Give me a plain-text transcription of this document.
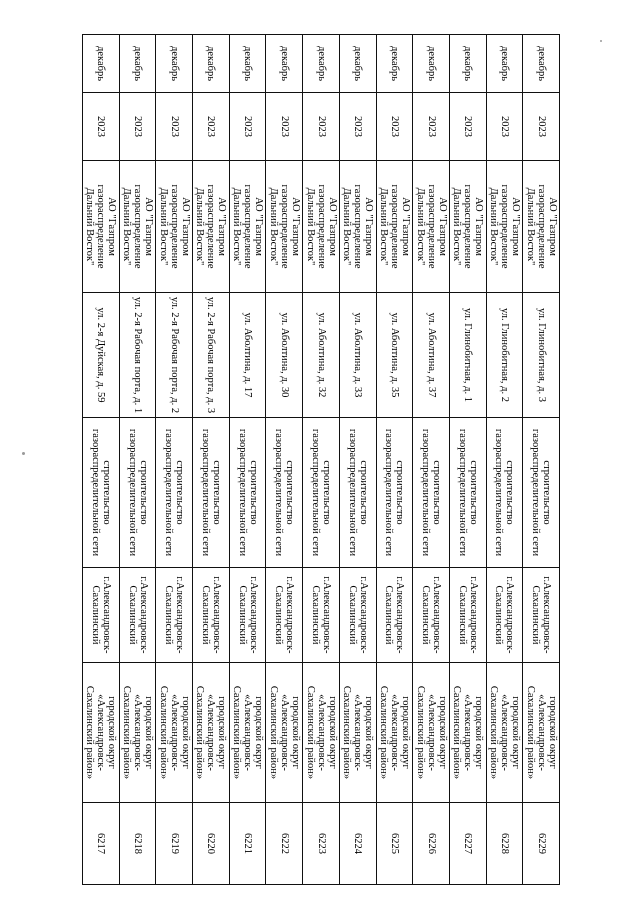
декабрь	2023	АО "Газпром газораспределение Дальний Восток"	ул. Глинобитная, д. 3	строительство газораспределительной сети	г.Александровск-Сахалинский	городской округ «Александровск-Сахалинский район»	6229
декабрь	2023	АО "Газпром газораспределение Дальний Восток"	ул. Глинобитная, д. 2	строительство газораспределительной сети	г.Александровск-Сахалинский	городской округ «Александровск-Сахалинский район»	6228
декабрь	2023	АО "Газпром газораспределение Дальний Восток"	ул. Глинобитная, д. 1	строительство газораспределительной сети	г.Александровск-Сахалинский	городской округ «Александровск-Сахалинский район»	6227
декабрь	2023	АО "Газпром газораспределение Дальний Восток"	ул. Аболтина, д. 37	строительство газораспределительной сети	г.Александровск-Сахалинский	городской округ «Александровск-Сахалинский район»	6226
декабрь	2023	АО "Газпром газораспределение Дальний Восток"	ул. Аболтина, д. 35	строительство газораспределительной сети	г.Александровск-Сахалинский	городской округ «Александровск-Сахалинский район»	6225
декабрь	2023	АО "Газпром газораспределение Дальний Восток"	ул. Аболтина, д. 33	строительство газораспределительной сети	г.Александровск-Сахалинский	городской округ «Александровск-Сахалинский район»	6224
декабрь	2023	АО "Газпром газораспределение Дальний Восток"	ул. Аболтина, д. 32	строительство газораспределительной сети	г.Александровск-Сахалинский	городской округ «Александровск-Сахалинский район»	6223
декабрь	2023	АО "Газпром газораспределение Дальний Восток"	ул. Аболтина, д. 30	строительство газораспределительной сети	г.Александровск-Сахалинский	городской округ «Александровск-Сахалинский район»	6222
декабрь	2023	АО "Газпром газораспределение Дальний Восток"	ул. Аболтина, д. 17	строительство газораспределительной сети	г.Александровск-Сахалинский	городской округ «Александровск-Сахалинский район»	6221
декабрь	2023	АО "Газпром газораспределение Дальний Восток"	ул. 2-я Рабочая порта, д. 3	строительство газораспределительной сети	г.Александровск-Сахалинский	городской округ «Александровск-Сахалинский район»	6220
декабрь	2023	АО "Газпром газораспределение Дальний Восток"	ул. 2-я Рабочая порта, д. 2	строительство газораспределительной сети	г.Александровск-Сахалинский	городской округ «Александровск-Сахалинский район»	6219
декабрь	2023	АО "Газпром газораспределение Дальний Восток"	ул. 2-я Рабочая порта, д. 1	строительство газораспределительной сети	г.Александровск-Сахалинский	городской округ «Александровск-Сахалинский район»	6218
декабрь	2023	АО "Газпром газораспределение Дальний Восток"	ул. 2-я Дуйская, д. 59	строительство газораспределительной сети	г.Александровск-Сахалинский	городской округ «Александровск-Сахалинский район»	6217
